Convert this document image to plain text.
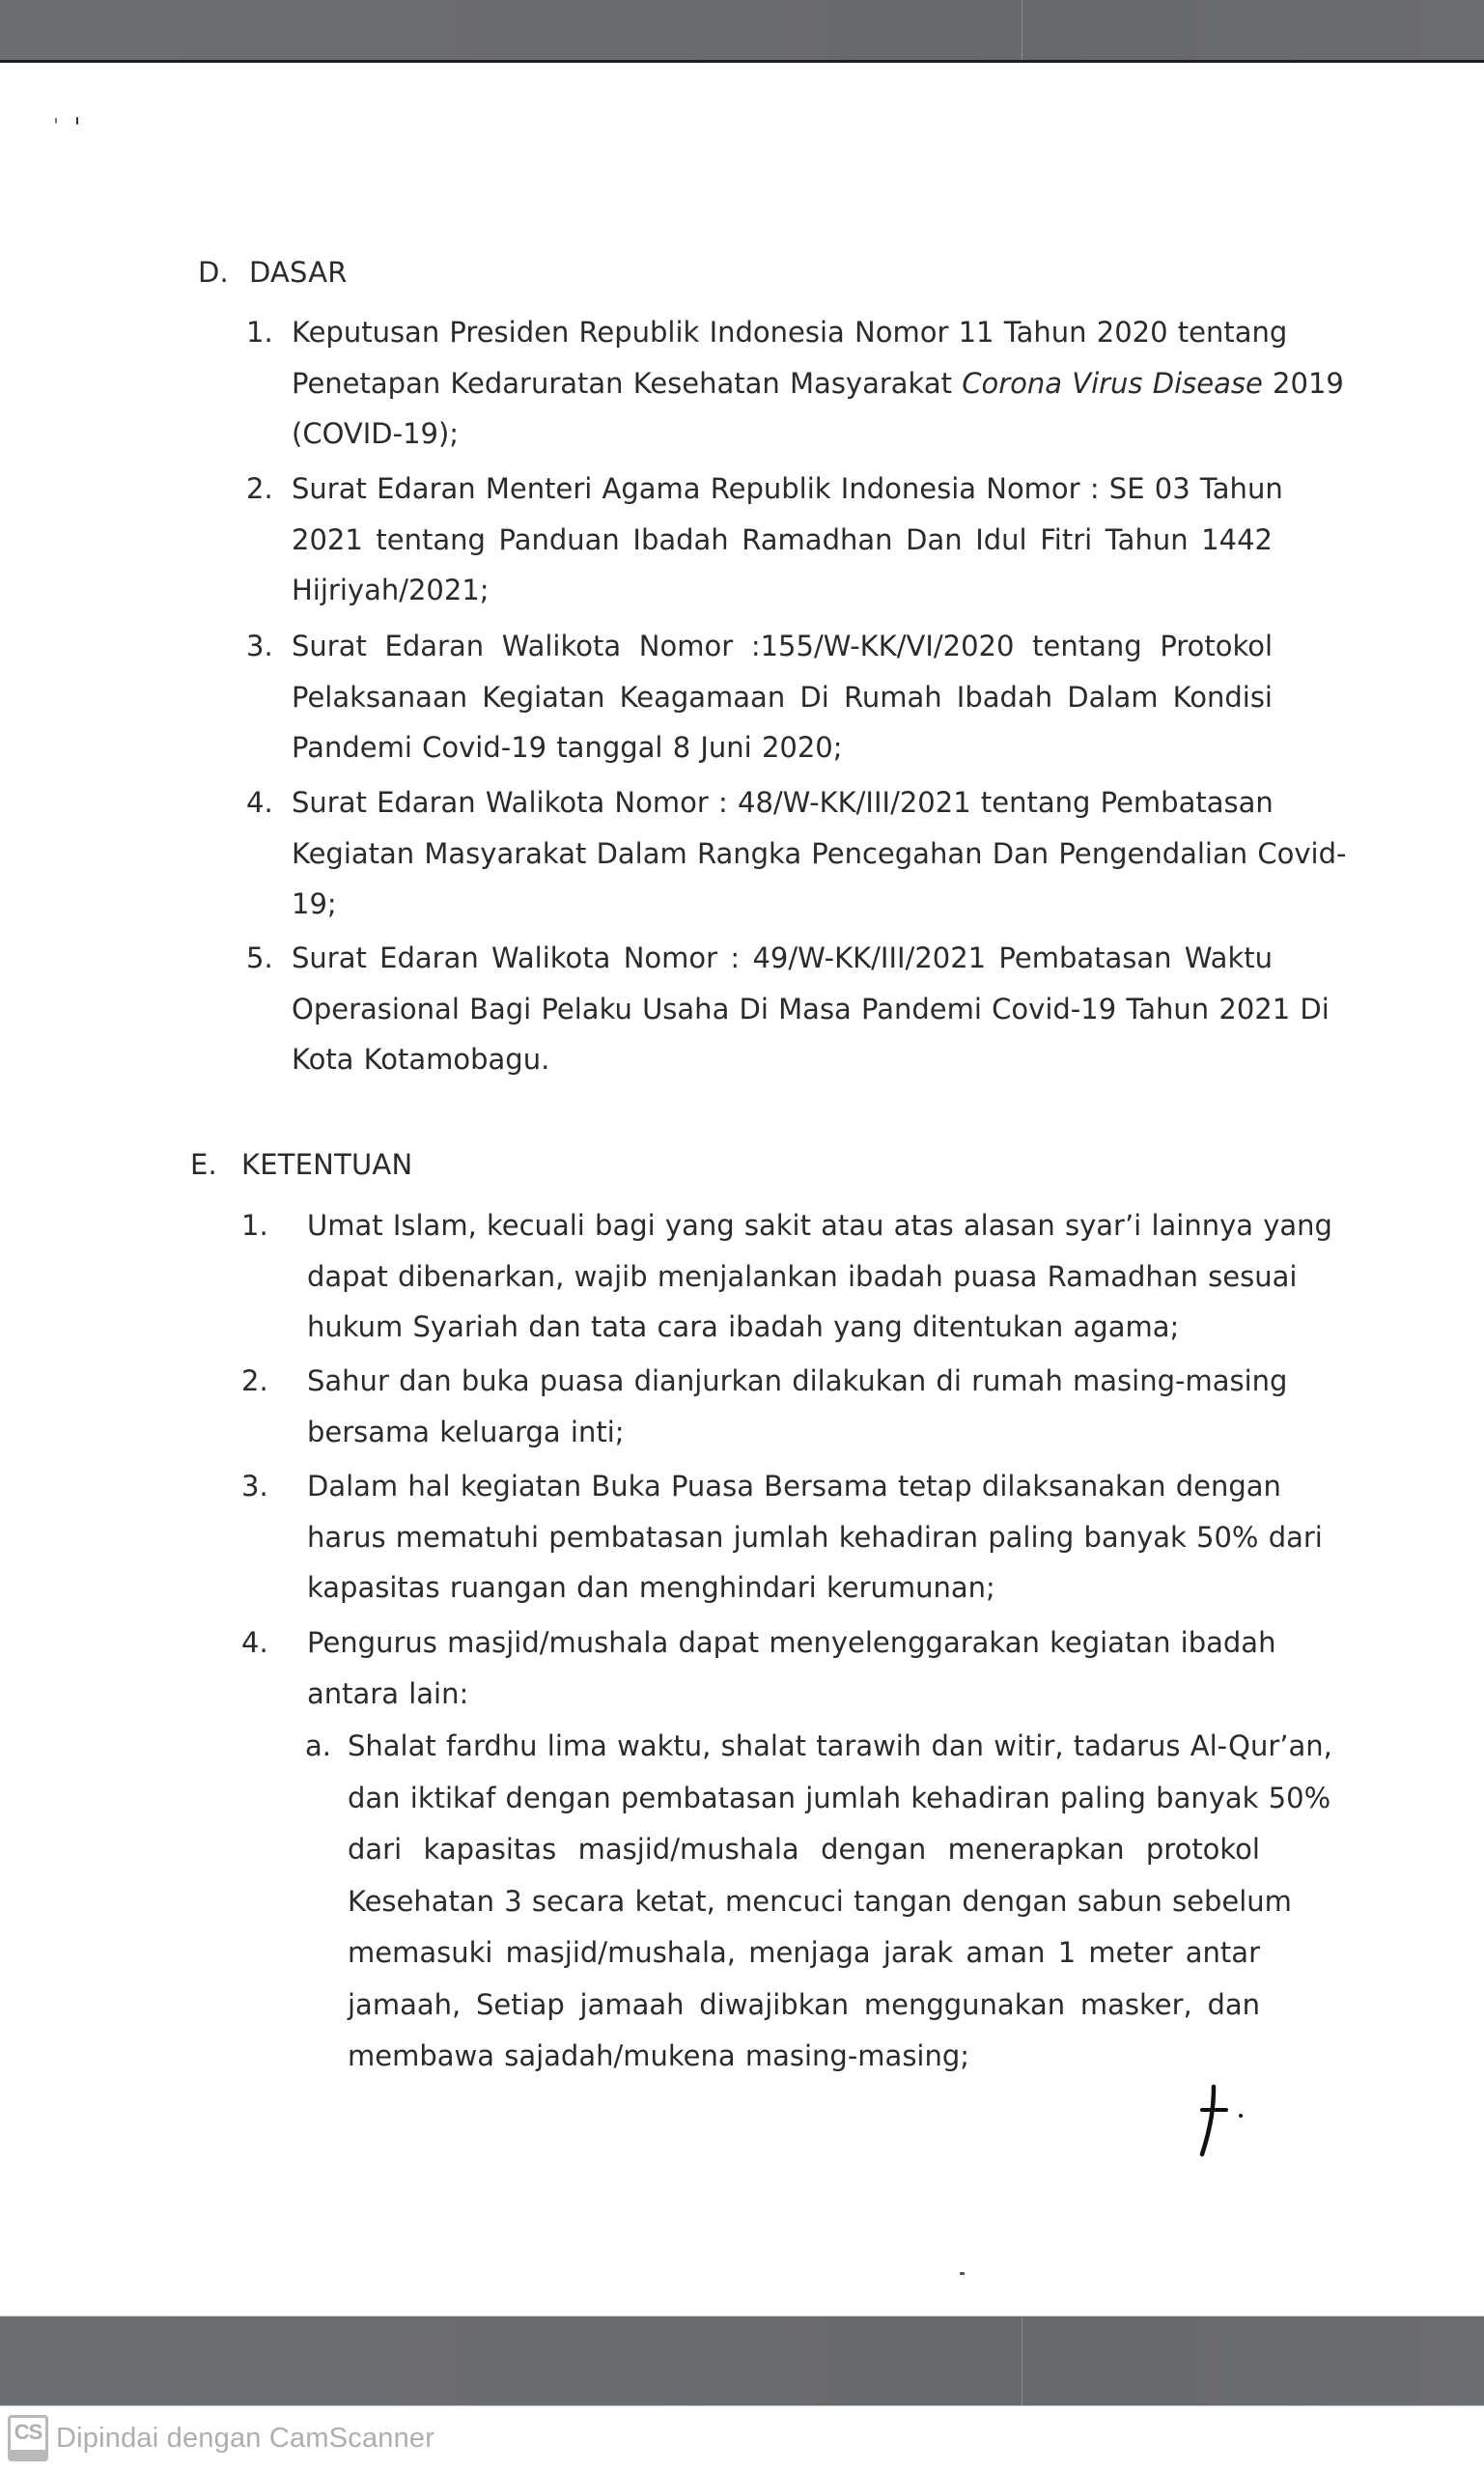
D. DASAR
1. Keputusan Presiden Republik Indonesia Nomor 11 Tahun 2020 tentang
Penetapan Kedaruratan Kesehatan Masyarakat Corona Virus Disease 2019
(COVID-19);
2. Surat Edaran Menteri Agama Republik Indonesia Nomor : SE 03 Tahun
2021 tentang Panduan Ibadah Ramadhan Dan Idul Fitri Tahun 1442
Hijriyah/2021;
3. Surat Edaran Walikota Nomor :155/W-KK/VI/2020 tentang Protokol
Pelaksanaan Kegiatan Keagamaan Di Rumah Ibadah Dalam Kondisi
Pandemi Covid-19 tanggal 8 Juni 2020;
4. Surat Edaran Walikota Nomor : 48/W-KK/III/2021 tentang Pembatasan
Kegiatan Masyarakat Dalam Rangka Pencegahan Dan Pengendalian Covid-
19;
5. Surat Edaran Walikota Nomor : 49/W-KK/III/2021 Pembatasan Waktu
Operasional Bagi Pelaku Usaha Di Masa Pandemi Covid-19 Tahun 2021 Di
Kota Kotamobagu.
E. KETENTUAN
1. Umat Islam, kecuali bagi yang sakit atau atas alasan syar’i lainnya yang
dapat dibenarkan, wajib menjalankan ibadah puasa Ramadhan sesuai
hukum Syariah dan tata cara ibadah yang ditentukan agama;
2. Sahur dan buka puasa dianjurkan dilakukan di rumah masing-masing
bersama keluarga inti;
3. Dalam hal kegiatan Buka Puasa Bersama tetap dilaksanakan dengan
harus mematuhi pembatasan jumlah kehadiran paling banyak 50% dari
kapasitas ruangan dan menghindari kerumunan;
4. Pengurus masjid/mushala dapat menyelenggarakan kegiatan ibadah
antara lain:
a. Shalat fardhu lima waktu, shalat tarawih dan witir, tadarus Al-Qur’an,
dan iktikaf dengan pembatasan jumlah kehadiran paling banyak 50%
dari kapasitas masjid/mushala dengan menerapkan protokol
Kesehatan 3 secara ketat, mencuci tangan dengan sabun sebelum
memasuki masjid/mushala, menjaga jarak aman 1 meter antar
jamaah, Setiap jamaah diwajibkan menggunakan masker, dan
membawa sajadah/mukena masing-masing;
CS Dipindai dengan CamScanner
